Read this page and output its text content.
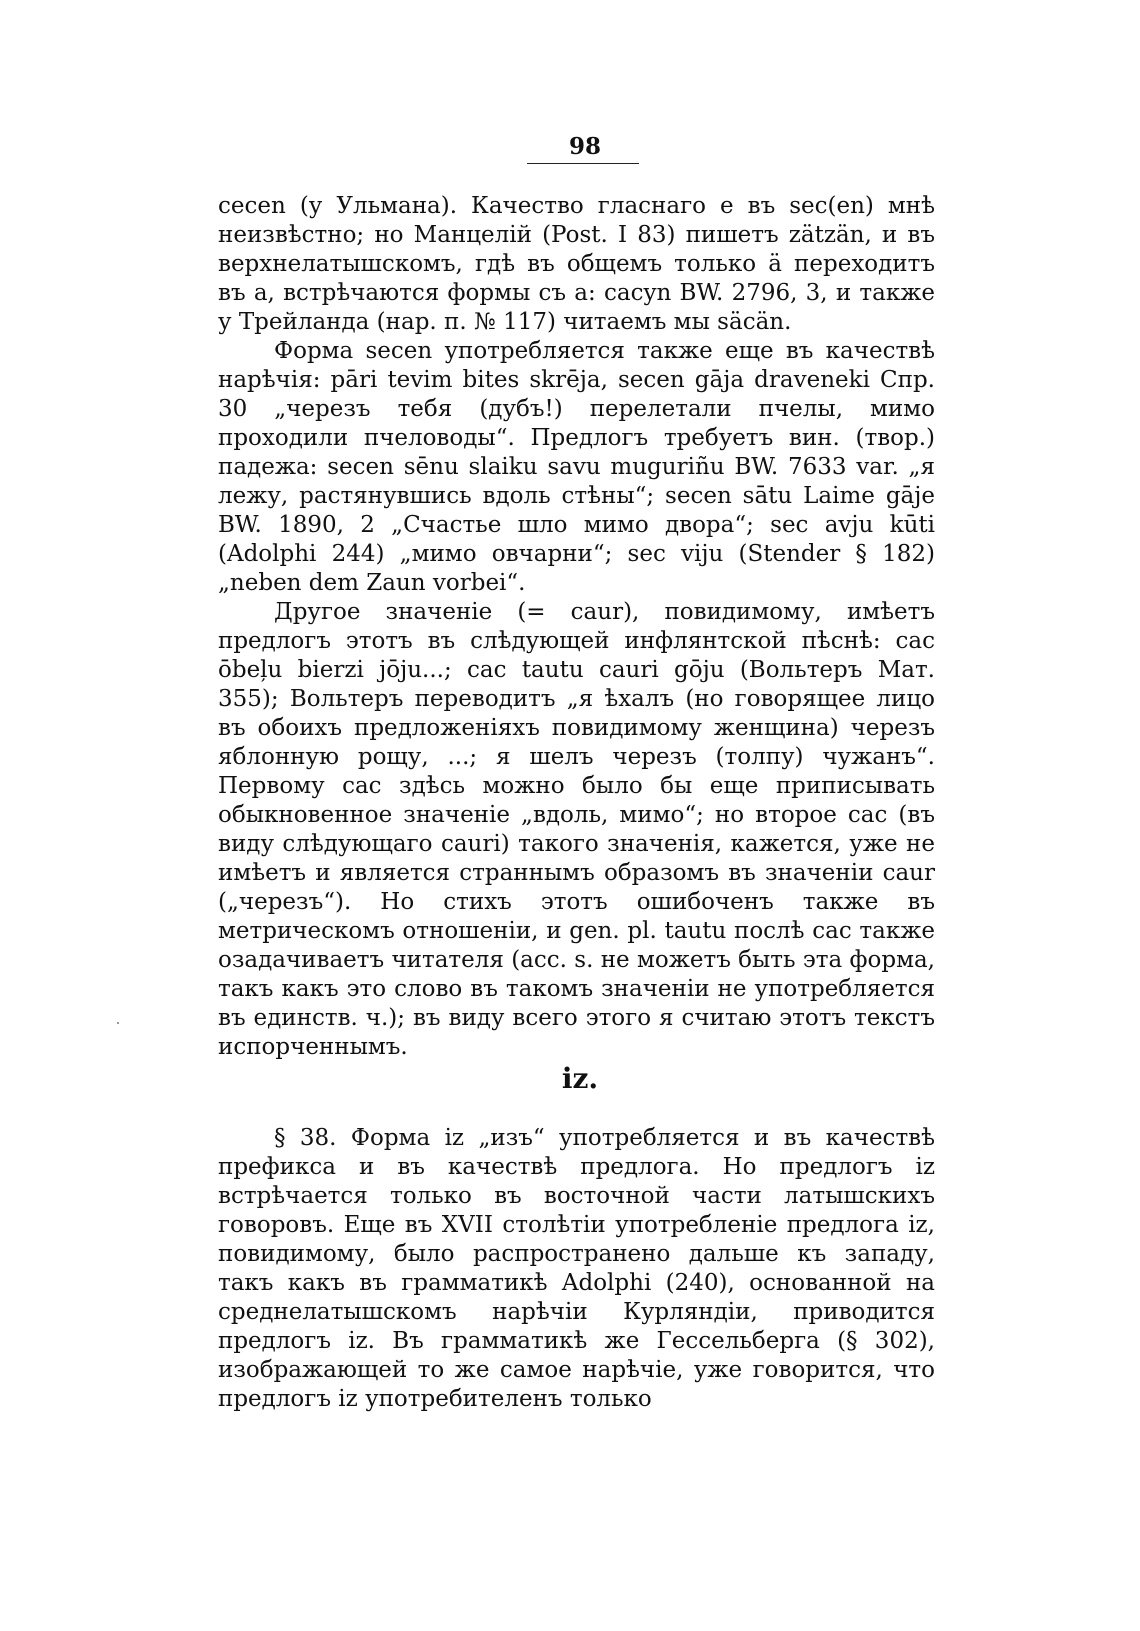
98

cecen (у Ульмана). Качество гласнаго e въ sec(en) мнѣ неизвѣстно; но Манцелій (Post. I 83) пишетъ zätzän, и въ верхнелатышскомъ, гдѣ въ общемъ только ä переходитъ въ a, встрѣчаются формы съ а: cacyn BW. 2796, 3, и также у Трейланда (нар. п. № 117) читаемъ мы säcän.

Форма secen употребляется также еще въ качествѣ нарѣчія: pāri tevim bites skrēja, secen gāja draveneki Спр. 30 „черезъ тебя (дубъ!) перелетали пчелы, мимо проходили пчеловоды“. Предлогъ требуетъ вин. (твор.) падежа: secen sēnu slaiku savu muguriñu BW. 7633 var. „я лежу, растянувшись вдоль стѣны“; secen sātu Laime gāje BW. 1890, 2 „Счастье шло мимо двора“; sec avju kūti (Adolphi 244) „мимо овчарни“; sec viju (Stender § 182) „neben dem Zaun vorbei“.

Другое значеніе (= caur), повидимому, имѣетъ предлогъ этотъ въ слѣдующей инфлянтской пѣснѣ: cac ōbeļu bierzi jōju...; cac tautu cauri gōju (Вольтеръ Мат. 355); Вольтеръ переводитъ „я ѣхалъ (но говорящее лицо въ обоихъ предложеніяхъ повидимому женщина) черезъ яблонную рощу, ...; я шелъ черезъ (толпу) чужанъ“. Первому cac здѣсь можно было бы еще приписывать обыкновенное значеніе „вдоль, мимо“; но второе cac (въ виду слѣдующаго cauri) такого значенія, кажется, уже не имѣетъ и является страннымъ образомъ въ значеніи caur („черезъ“). Но стихъ этотъ ошибоченъ также въ метрическомъ отношеніи, и gen. pl. tautu послѣ cac также озадачиваетъ читателя (acc. s. не можетъ быть эта форма, такъ какъ это слово въ такомъ значеніи не употребляется въ единств. ч.); въ виду всего этого я считаю этотъ текстъ испорченнымъ.

iz.

§ 38. Форма iz „изъ“ употребляется и въ качествѣ префикса и въ качествѣ предлога. Но предлогъ iz встрѣчается только въ восточной части латышскихъ говоровъ. Еще въ XVII столѣтіи употребленіе предлога iz, повидимому, было распространено дальше къ западу, такъ какъ въ грамматикѣ Adolphi (240), основанной на среднелатышскомъ нарѣчіи Курляндіи, приводится предлогъ iz. Въ грамматикѣ же Гессельберга (§ 302), изображающей то же самое нарѣчіе, уже говорится, что предлогъ iz употребителенъ только
